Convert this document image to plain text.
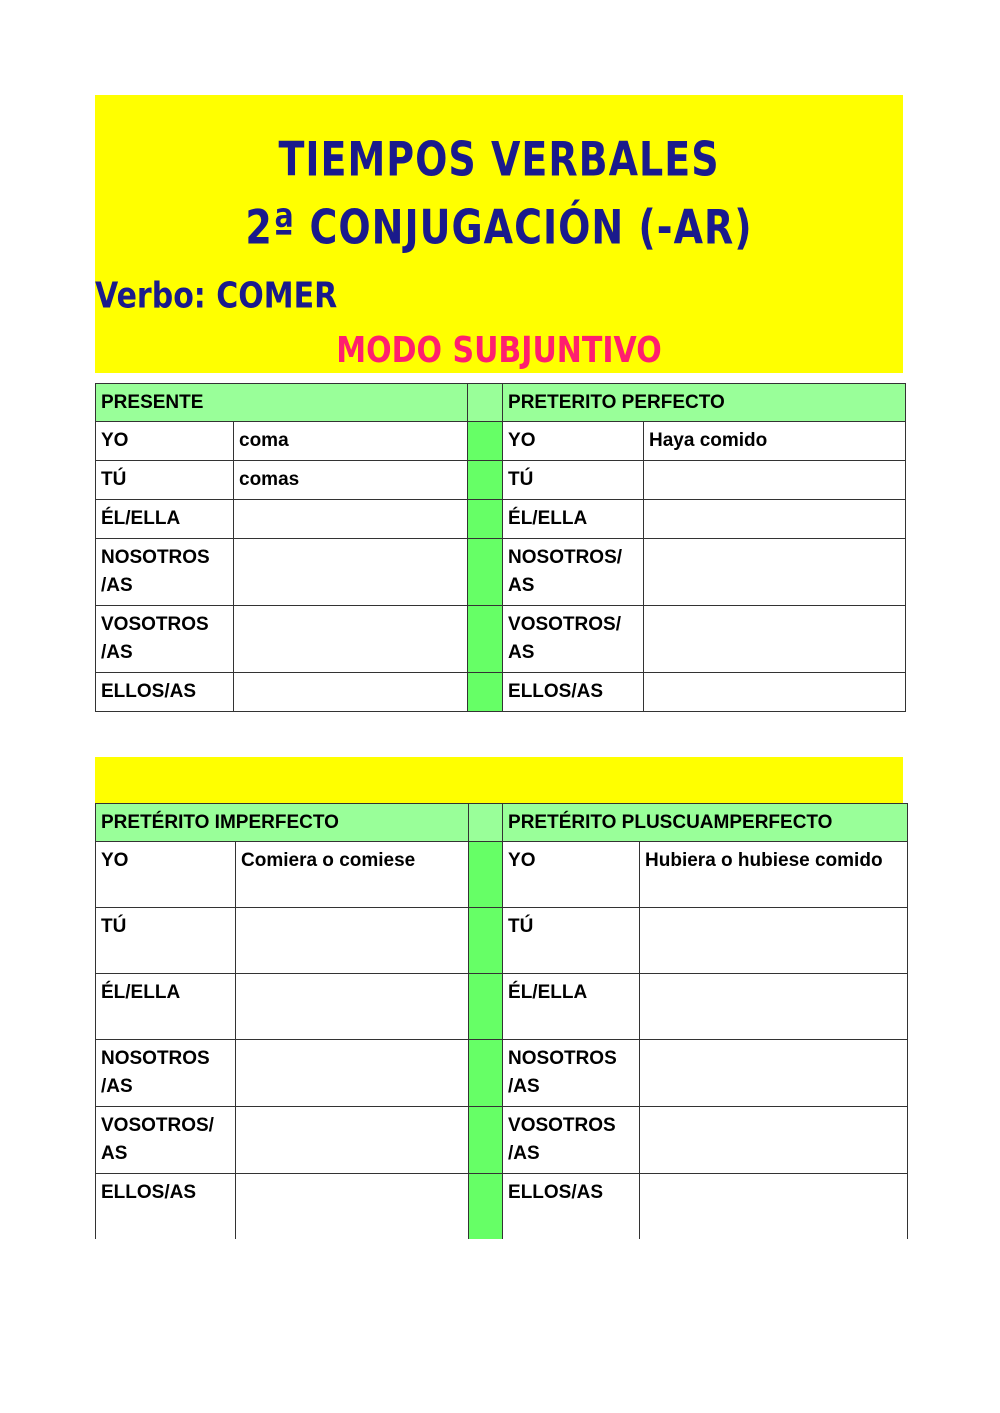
TIEMPOS VERBALES
2ª CONJUGACIÓN (-AR)
Verbo: COMER
MODO SUBJUNTIVO
PRESENTE			PRETERITO PERFECTO	
YO	coma		YO	Haya comido
TÚ	comas		TÚ	
ÉL/ELLA			ÉL/ELLA	
NOSOTROS /AS			NOSOTROS/ AS	
VOSOTROS /AS			VOSOTROS/ AS	
ELLOS/AS			ELLOS/AS	
PRETÉRITO IMPERFECTO			PRETÉRITO PLUSCUAMPERFECTO	
YO	Comiera o comiese		YO	Hubiera o hubiese comido
TÚ			TÚ	
ÉL/ELLA			ÉL/ELLA	
NOSOTROS /AS			NOSOTROS /AS	
VOSOTROS/ AS			VOSOTROS /AS	
ELLOS/AS			ELLOS/AS	
